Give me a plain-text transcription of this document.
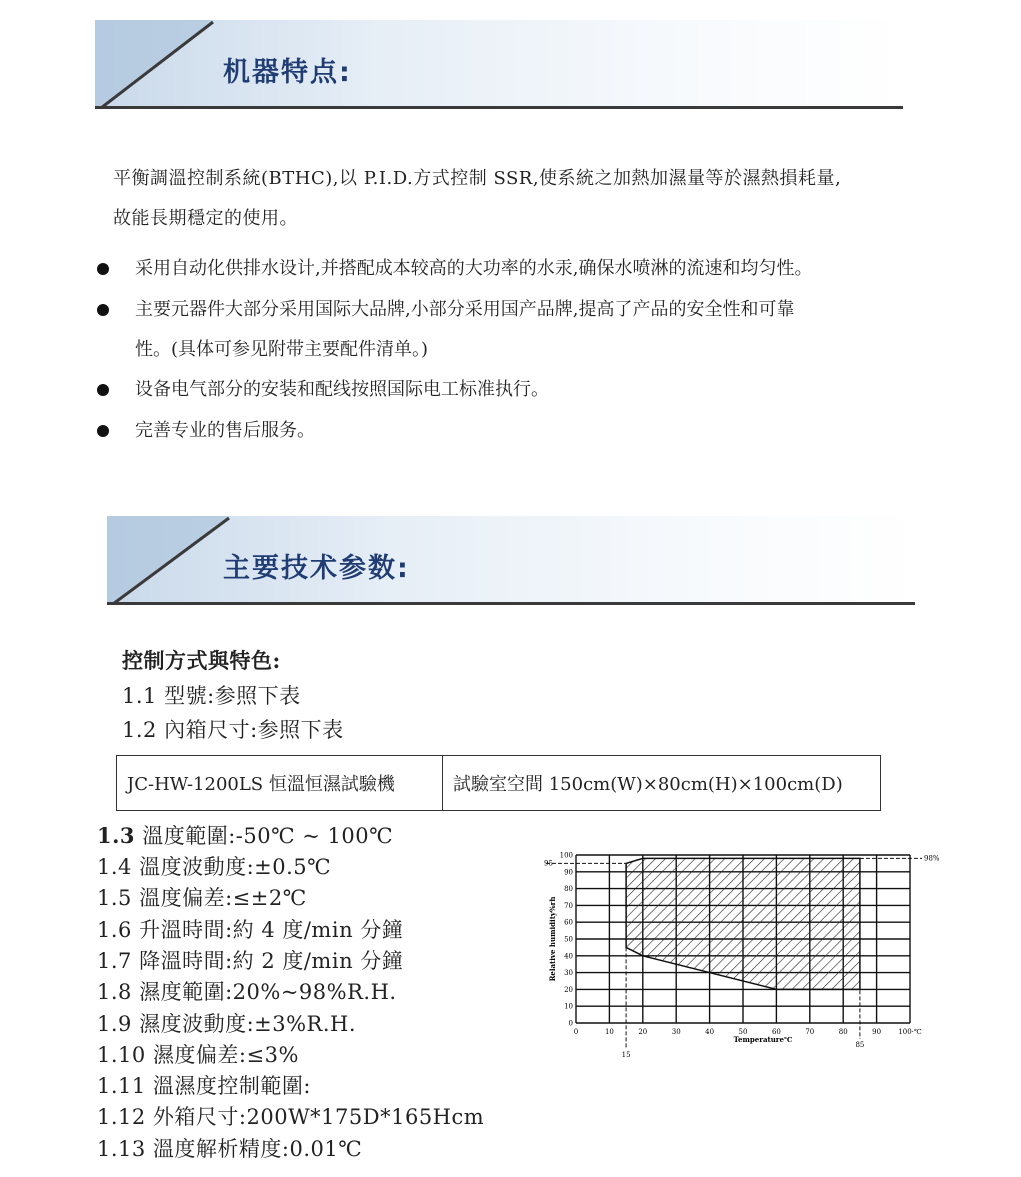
机器特点:
平衡調溫控制系統(BTHC),以 P.I.D.方式控制 SSR,使系統之加熱加濕量等於濕熱損耗量,
故能長期穩定的使用。
采用自动化供排水设计,并搭配成本较高的大功率的水汞,确保水喷淋的流速和均匀性。
主要元器件大部分采用国际大品牌,小部分采用国产品牌,提高了产品的安全性和可靠
性。(具体可参见附带主要配件清单。)
设备电气部分的安装和配线按照国际电工标准执行。
完善专业的售后服务。
主要技术参数:
控制方式與特色:
1.1 型號:参照下表
1.2 內箱尺寸:参照下表
JC-HW-1200LS 恒溫恒濕試驗機	試驗室空間 150cm(W)×80cm(H)×100cm(D)
1.3 溫度範圍:-50℃ ~ 100℃
1.4 溫度波動度:±0.5℃
1.5 溫度偏差:≤±2℃
1.6 升溫時間:約 4 度/min 分鐘
1.7 降溫時間:約 2 度/min 分鐘
1.8 濕度範圍:20%~98%R.H.
1.9 濕度波動度:±3%R.H.
1.10 濕度偏差:≤3%
1.11 溫濕度控制範圍:
1.12 外箱尺寸:200W*175D*165Hcm
1.13 溫度解析精度:0.01℃
95
98%
15
85
0	10	20	30	40	50	60	70	80	90 100·℃
0
10
20
30
40
50
60
70
80
90
100
Temperature℃
Relative humidity%rh
